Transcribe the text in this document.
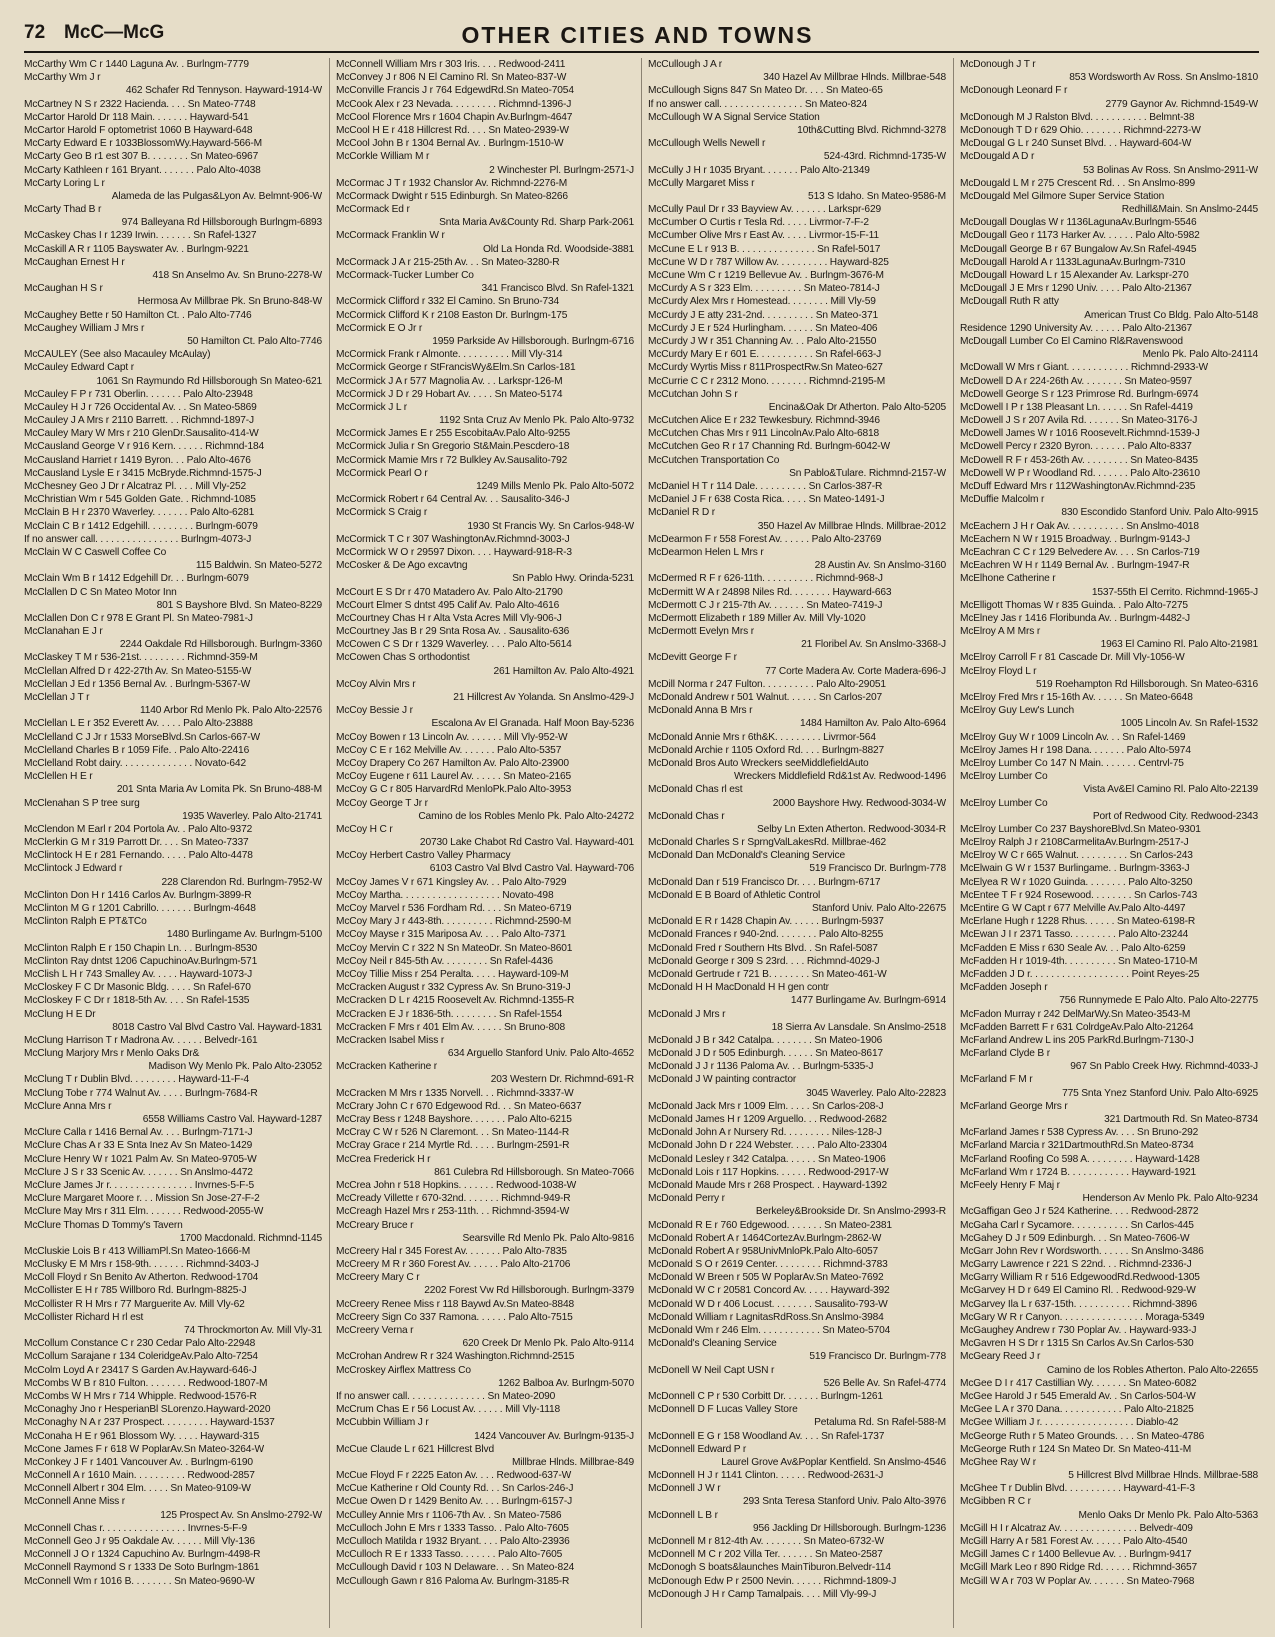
72 McC—McG	OTHER CITIES AND TOWNS
McCarthy Wm C r 1440 Laguna Av. . Burlngm-7779
McCarthy Wm J r
462 Schafer Rd Tennyson. Hayward-1914-W
McCartney N S r 2322 Hacienda. . . . Sn Mateo-7748
McCartor Harold Dr 118 Main. . . . . . . Hayward-541
McCartor Harold F optometrist 1060 B Hayward-648
McCarty Edward E r 1033BlossomWy.Hayward-566-M
McCarty Geo B r1 est 307 B. . . . . . . . Sn Mateo-6967
McCarty Kathleen r 161 Bryant. . . . . . . Palo Alto-4038
McCarty Loring L r
Alameda de las Pulgas&Lyon Av. Belmnt-906-W
McCarty Thad B r
974 Balleyana Rd Hillsborough Burlngm-6893
McCaskey Chas I r 1239 Irwin. . . . . . . Sn Rafel-1327
McCaskill A R r 1105 Bayswater Av. . Burlngm-9221
McCaughan Ernest H r
418 Sn Anselmo Av. Sn Bruno-2278-W
McCaughan H S r
Hermosa Av Millbrae Pk. Sn Bruno-848-W
McCaughey Bette r 50 Hamilton Ct. . Palo Alto-7746
McCaughey William J Mrs r
50 Hamilton Ct. Palo Alto-7746
McCAULEY (See also Macauley McAulay)
McCauley Edward Capt r
1061 Sn Raymundo Rd Hillsborough Sn Mateo-621
McCauley F P r 731 Oberlin. . . . . . . Palo Alto-23948
McCauley H J r 726 Occidental Av. . . Sn Mateo-5869
McCauley J A Mrs r 2110 Barrett. . . Richmnd-1897-J
McCauley Mary W Mrs r 210 GlenDr.Sausalito-414-W
McCausland George V r 916 Kern. . . . . . Richmnd-184
McCausland Harriet r 1419 Byron. . . Palo Alto-4676
McCausland Lysle E r 3415 McBryde.Richmnd-1575-J
McChesney Geo J Dr r Alcatraz Pl. . . . Mill Vly-252
McChristian Wm r 545 Golden Gate. . Richmnd-1085
McClain B H r 2370 Waverley. . . . . . . Palo Alto-6281
McClain C B r 1412 Edgehill. . . . . . . . . Burlngm-6079
If no answer call. . . . . . . . . . . . . . . . Burlngm-4073-J
McClain W C Caswell Coffee Co
115 Baldwin. Sn Mateo-5272
McClain Wm B r 1412 Edgehill Dr. . . Burlngm-6079
McClallen D C Sn Mateo Motor Inn
801 S Bayshore Blvd. Sn Mateo-8229
McClallen Don C r 978 E Grant Pl. Sn Mateo-7981-J
McClanahan E J r
2244 Oakdale Rd Hillsborough. Burlngm-3360
McClaskey T M r 536-21st. . . . . . . . . Richmnd-359-M
McClellan Alfred D r 422-27th Av. Sn Mateo-5155-W
McClellan J Ed r 1356 Bernal Av. . Burlngm-5367-W
McClellan J T r
1140 Arbor Rd Menlo Pk. Palo Alto-22576
McClellan L E r 352 Everett Av. . . . . Palo Alto-23888
McClelland C J Jr r 1533 MorseBlvd.Sn Carlos-667-W
McClelland Charles B r 1059 Fife. . Palo Alto-22416
McClelland Robt dairy. . . . . . . . . . . . . . Novato-642
McClellen H E r
201 Snta Maria Av Lomita Pk. Sn Bruno-488-M
McClenahan S P tree surg
1935 Waverley. Palo Alto-21741
McClendon M Earl r 204 Portola Av. . Palo Alto-9372
McClerkin G M r 319 Parrott Dr. . . . Sn Mateo-7337
McClintock H E r 281 Fernando. . . . . Palo Alto-4478
McClintock J Edward r
228 Clarendon Rd. Burlngm-7952-W
McClinton Don H r 1416 Carlos Av. Burlngm-3899-R
McClinton M G r 1201 Cabrillo. . . . . . . Burlngm-4648
McClinton Ralph E PT&TCo
1480 Burlingame Av. Burlngm-5100
McClinton Ralph E r 150 Chapin Ln. . . Burlngm-8530
McClinton Ray dntst 1206 CapuchinoAv.Burlngm-571
McClish L H r 743 Smalley Av. . . . . Hayward-1073-J
McCloskey F C Dr Masonic Bldg. . . . . Sn Rafel-670
McCloskey F C Dr r 1818-5th Av. . . . Sn Rafel-1535
McClung H E Dr
8018 Castro Val Blvd Castro Val. Hayward-1831
McClung Harrison T r Madrona Av. . . . . . Belvedr-161
McClung Marjory Mrs r Menlo Oaks Dr&
Madison Wy Menlo Pk. Palo Alto-23052
McClung T r Dublin Blvd. . . . . . . . . Hayward-11-F-4
McClung Tobe r 774 Walnut Av. . . . . Burlngm-7684-R
McClure Anna Mrs r
6558 Williams Castro Val. Hayward-1287
McClure Calla r 1416 Bernal Av. . . . Burlngm-7171-J
McClure Chas A r 33 E Snta Inez Av Sn Mateo-1429
McClure Henry W r 1021 Palm Av. Sn Mateo-9705-W
McClure J S r 33 Scenic Av. . . . . . . Sn Anslmo-4472
McClure James Jr r. . . . . . . . . . . . . . . . Invrnes-5-F-5
McClure Margaret Moore r. . . Mission Sn Jose-27-F-2
McClure May Mrs r 311 Elm. . . . . . . Redwood-2055-W
McClure Thomas D Tommy's Tavern
1700 Macdonald. Richmnd-1145
McCluskie Lois B r 413 WilliamPl.Sn Mateo-1666-M
McClusky E M Mrs r 158-9th. . . . . . . Richmnd-3403-J
McColl Floyd r Sn Benito Av Atherton. Redwood-1704
McCollister E H r 785 Willboro Rd. Burlngm-8825-J
McCollister R H Mrs r 77 Marguerite Av. Mill Vly-62
McCollister Richard H rl est
74 Throckmorton Av. Mill Vly-31
McCollum Constance C r 230 Cedar Palo Alto-22948
McCollum Sarajane r 134 ColeridgeAv.Palo Alto-7254
McColm Loyd A r 23417 S Garden Av.Hayward-646-J
McCombs W B r 810 Fulton. . . . . . . . Redwood-1807-M
McCombs W H Mrs r 714 Whipple. Redwood-1576-R
McConaghy Jno r HesperianBl SLorenzo.Hayward-2020
McConaghy N A r 237 Prospect. . . . . . . . . Hayward-1537
McConaha H E r 961 Blossom Wy. . . . . Hayward-315
McCone James F r 618 W PoplarAv.Sn Mateo-3264-W
McConkey J F r 1401 Vancouver Av. . Burlngm-6190
McConnell A r 1610 Main. . . . . . . . . . Redwood-2857
McConnell Albert r 304 Elm. . . . . Sn Mateo-9109-W
McConnell Anne Miss r
125 Prospect Av. Sn Anslmo-2792-W
McConnell Chas r. . . . . . . . . . . . . . . . Invrnes-5-F-9
McConnell Geo J r 95 Oakdale Av. . . . . . Mill Vly-136
McConnell J O r 1324 Capuchino Av. Burlngm-4498-R
McConnell Raymond S r 1333 De Soto Burlngm-1861
McConnell Wm r 1016 B. . . . . . . . Sn Mateo-9690-W
McConnell William Mrs r 303 Iris. . . . Redwood-2411
McConvey J r 806 N El Camino Rl. Sn Mateo-837-W
McConville Francis J r 764 EdgewdRd.Sn Mateo-7054
McCook Alex r 23 Nevada. . . . . . . . . Richmnd-1396-J
McCool Florence Mrs r 1604 Chapin Av.Burlngm-4647
McCool H E r 418 Hillcrest Rd. . . . Sn Mateo-2939-W
McCool John B r 1304 Bernal Av. . Burlngm-1510-W
McCorkle William M r
2 Winchester Pl. Burlngm-2571-J
McCormac J T r 1932 Chanslor Av. Richmnd-2276-M
McCormack Dwight r 515 Edinburgh. Sn Mateo-8266
McCormack Ed r
Snta Maria Av&County Rd. Sharp Park-2061
McCormack Franklin W r
Old La Honda Rd. Woodside-3881
McCormack J A r 215-25th Av. . . Sn Mateo-3280-R
McCormack-Tucker Lumber Co
341 Francisco Blvd. Sn Rafel-1321
McCormick Clifford r 332 El Camino. Sn Bruno-734
McCormick Clifford K r 2108 Easton Dr. Burlngm-175
McCormick E O Jr r
1959 Parkside Av Hillsborough. Burlngm-6716
McCormick Frank r Almonte. . . . . . . . . . Mill Vly-314
McCormick George r StFrancisWy&Elm.Sn Carlos-181
McCormick J A r 577 Magnolia Av. . . Larkspr-126-M
McCormick J D r 29 Hobart Av. . . . . Sn Mateo-5174
McCormick J L r
1192 Snta Cruz Av Menlo Pk. Palo Alto-9732
McCormick James E r 255 EscobitaAv.Palo Alto-9255
McCormick Julia r Sn Gregorio St&Main.Pescdero-18
McCormick Mamie Mrs r 72 Bulkley Av.Sausalito-792
McCormick Pearl O r
1249 Mills Menlo Pk. Palo Alto-5072
McCormick Robert r 64 Central Av. . . Sausalito-346-J
McCormick S Craig r
1930 St Francis Wy. Sn Carlos-948-W
McCormick T C r 307 WashingtonAv.Richmnd-3003-J
McCormick W O r 29597 Dixon. . . . Hayward-918-R-3
McCosker & De Ago excavtng
Sn Pablo Hwy. Orinda-5231
McCourt E S Dr r 470 Matadero Av. Palo Alto-21790
McCourt Elmer S dntst 495 Calif Av. Palo Alto-4616
McCourtney Chas H r Alta Vsta Acres Mill Vly-906-J
McCourtney Jas B r 29 Snta Rosa Av. . Sausalito-636
McCowen C S Dr r 1329 Waverley. . . . Palo Alto-5614
McCowen Chas S orthodontist
261 Hamilton Av. Palo Alto-4921
McCoy Alvin Mrs r
21 Hillcrest Av Yolanda. Sn Anslmo-429-J
McCoy Bessie J r
Escalona Av El Granada. Half Moon Bay-5236
McCoy Bowen r 13 Lincoln Av. . . . . . . Mill Vly-952-W
McCoy C E r 162 Melville Av. . . . . . . Palo Alto-5357
McCoy Drapery Co 267 Hamilton Av. Palo Alto-23900
McCoy Eugene r 611 Laurel Av. . . . . . Sn Mateo-2165
McCoy G C r 805 HarvardRd MenloPk.Palo Alto-3953
McCoy George T Jr r
Camino de los Robles Menlo Pk. Palo Alto-24272
McCoy H C r
20730 Lake Chabot Rd Castro Val. Hayward-401
McCoy Herbert Castro Valley Pharmacy
6103 Castro Val Blvd Castro Val. Hayward-706
McCoy James V r 671 Kingsley Av. . . Palo Alto-7929
McCoy Martha. . . . . . . . . . . . . . . . . . . Novato-498
McCoy Marvel r 536 Fordham Rd. . . . Sn Mateo-6719
McCoy Mary J r 443-8th. . . . . . . . . . Richmnd-2590-M
McCoy Mayse r 315 Mariposa Av. . . . Palo Alto-7371
McCoy Mervin C r 322 N Sn MateoDr. Sn Mateo-8601
McCoy Neil r 845-5th Av. . . . . . . . . Sn Rafel-4436
McCoy Tillie Miss r 254 Peralta. . . . . Hayward-109-M
McCracken August r 332 Cypress Av. Sn Bruno-319-J
McCracken D L r 4215 Roosevelt Av. Richmnd-1355-R
McCracken E J r 1836-5th. . . . . . . . . Sn Rafel-1554
McCracken F Mrs r 401 Elm Av. . . . . . Sn Bruno-808
McCracken Isabel Miss r
634 Arguello Stanford Univ. Palo Alto-4652
McCracken Katherine r
203 Western Dr. Richmnd-691-R
McCracken M Mrs r 1335 Norvell. . . Richmnd-3337-W
McCrary John C r 670 Edgewood Rd. . . Sn Mateo-6637
McCray Bess r 1248 Bayshore. . . . . . . Palo Alto-6215
McCray C W r 526 N Claremont. . . Sn Mateo-1144-R
McCray Grace r 214 Myrtle Rd. . . . . Burlngm-2591-R
McCrea Frederick H r
861 Culebra Rd Hillsborough. Sn Mateo-7066
McCrea John r 518 Hopkins. . . . . . . Redwood-1038-W
McCready Villette r 670-32nd. . . . . . . Richmnd-949-R
McCreagh Hazel Mrs r 253-11th. . . Richmnd-3594-W
McCreary Bruce r
Searsville Rd Menlo Pk. Palo Alto-9816
McCreery Hal r 345 Forest Av. . . . . . . Palo Alto-7835
McCreery M R r 360 Forest Av. . . . . . Palo Alto-21706
McCreery Mary C r
2202 Forest Vw Rd Hillsborough. Burlngm-3379
McCreery Renee Miss r 118 Baywd Av.Sn Mateo-8848
McCreery Sign Co 337 Ramona. . . . . . Palo Alto-7515
McCreery Verna r
620 Creek Dr Menlo Pk. Palo Alto-9114
McCrohan Andrew R r 324 Washington.Richmnd-2515
McCroskey Airflex Mattress Co
1262 Balboa Av. Burlngm-5070
If no answer call. . . . . . . . . . . . . . . Sn Mateo-2090
McCrum Chas E r 56 Locust Av. . . . . . Mill Vly-1118
McCubbin William J r
1424 Vancouver Av. Burlngm-9135-J
McCue Claude L r 621 Hillcrest Blvd
Millbrae Hlnds. Millbrae-849
McCue Floyd F r 2225 Eaton Av. . . . Redwood-637-W
McCue Katherine r Old County Rd. . . Sn Carlos-246-J
McCue Owen D r 1429 Benito Av. . . . Burlngm-6157-J
McCulley Annie Mrs r 1106-7th Av. . Sn Mateo-7586
McCulloch John E Mrs r 1333 Tasso. . Palo Alto-7605
McCulloch Matilda r 1932 Bryant. . . . Palo Alto-23936
McCulloch R E r 1333 Tasso. . . . . . . Palo Alto-7605
McCullough David r 103 N Delaware. . . Sn Mateo-824
McCullough Gawn r 816 Paloma Av. Burlngm-3185-R
McCullough J A r
340 Hazel Av Millbrae Hlnds. Millbrae-548
McCullough Signs 847 Sn Mateo Dr. . . . Sn Mateo-65
If no answer call. . . . . . . . . . . . . . . . Sn Mateo-824
McCullough W A Signal Service Station
10th&Cutting Blvd. Richmnd-3278
McCullough Wells Newell r
524-43rd. Richmnd-1735-W
McCully J H r 1035 Bryant. . . . . . . Palo Alto-21349
McCully Margaret Miss r
513 S Idaho. Sn Mateo-9586-M
McCully Paul Dr r 33 Bayview Av. . . . . . . Larkspr-629
McCumber O Curtis r Tesla Rd. . . . . Livrmor-7-F-2
McCumber Olive Mrs r East Av. . . . . Livrmor-15-F-11
McCune E L r 913 B. . . . . . . . . . . . . . . Sn Rafel-5017
McCune W D r 787 Willow Av. . . . . . . . . . Hayward-825
McCune Wm C r 1219 Bellevue Av. . Burlngm-3676-M
McCurdy A S r 323 Elm. . . . . . . . . . Sn Mateo-7814-J
McCurdy Alex Mrs r Homestead. . . . . . . . Mill Vly-59
McCurdy J E atty 231-2nd. . . . . . . . . . Sn Mateo-371
McCurdy J E r 524 Hurlingham. . . . . . Sn Mateo-406
McCurdy J W r 351 Channing Av. . . Palo Alto-21550
McCurdy Mary E r 601 E. . . . . . . . . . . Sn Rafel-663-J
McCurdy Wyrtis Miss r 811ProspectRw.Sn Mateo-627
McCurrie C C r 2312 Mono. . . . . . . . Richmnd-2195-M
McCutchan John S r
Encina&Oak Dr Atherton. Palo Alto-5205
McCutchen Alice E r 232 Tewkesbury. Richmnd-3946
McCutchen Chas Mrs r 911 LincolnAv.Palo Alto-6818
McCutchen Geo R r 17 Channing Rd. Burlngm-6042-W
McCutchen Transportation Co
Sn Pablo&Tulare. Richmnd-2157-W
McDaniel H T r 114 Dale. . . . . . . . . . Sn Carlos-387-R
McDaniel J F r 638 Costa Rica. . . . . Sn Mateo-1491-J
McDaniel R D r
350 Hazel Av Millbrae Hlnds. Millbrae-2012
McDearmon F r 558 Forest Av. . . . . . Palo Alto-23769
McDearmon Helen L Mrs r
28 Austin Av. Sn Anslmo-3160
McDermed R F r 626-11th. . . . . . . . . . Richmnd-968-J
McDermitt W A r 24898 Niles Rd. . . . . . . . Hayward-663
McDermott C J r 215-7th Av. . . . . . . Sn Mateo-7419-J
McDermott Elizabeth r 189 Miller Av. Mill Vly-1020
McDermott Evelyn Mrs r
21 Floribel Av. Sn Anslmo-3368-J
McDevitt George F r
77 Corte Madera Av. Corte Madera-696-J
McDill Norma r 247 Fulton. . . . . . . . . . Palo Alto-29051
McDonald Andrew r 501 Walnut. . . . . . Sn Carlos-207
McDonald Anna B Mrs r
1484 Hamilton Av. Palo Alto-6964
McDonald Annie Mrs r 6th&K. . . . . . . . . Livrmor-564
McDonald Archie r 1105 Oxford Rd. . . . Burlngm-8827
McDonald Bros Auto Wreckers seeMiddlefieldAuto
Wreckers Middlefield Rd&1st Av. Redwood-1496
McDonald Chas rl est
2000 Bayshore Hwy. Redwood-3034-W
McDonald Chas r
Selby Ln Exten Atherton. Redwood-3034-R
McDonald Charles S r SprngValLakesRd. Millbrae-462
McDonald Dan McDonald's Cleaning Service
519 Francisco Dr. Burlngm-778
McDonald Dan r 519 Francisco Dr. . . . Burlngm-6717
McDonald E B Board of Athletic Control
Stanford Univ. Palo Alto-22675
McDonald E R r 1428 Chapin Av. . . . . . Burlngm-5937
McDonald Frances r 940-2nd. . . . . . . . Palo Alto-8255
McDonald Fred r Southern Hts Blvd. . Sn Rafel-5087
McDonald George r 309 S 23rd. . . . Richmnd-4029-J
McDonald Gertrude r 721 B. . . . . . . . Sn Mateo-461-W
McDonald H H MacDonald H H gen contr
1477 Burlingame Av. Burlngm-6914
McDonald J Mrs r
18 Sierra Av Lansdale. Sn Anslmo-2518
McDonald J B r 342 Catalpa. . . . . . . . Sn Mateo-1906
McDonald J D r 505 Edinburgh. . . . . . Sn Mateo-8617
McDonald J J r 1136 Paloma Av. . . Burlngm-5335-J
McDonald J W painting contractor
3045 Waverley. Palo Alto-22823
McDonald Jack Mrs r 1009 Elm. . . . . Sn Carlos-208-J
McDonald James H r 1209 Arguello. . . Redwood-2682
McDonald John A r Nursery Rd. . . . . . . . . Niles-128-J
McDonald John D r 224 Webster. . . . . Palo Alto-23304
McDonald Lesley r 342 Catalpa. . . . . . Sn Mateo-1906
McDonald Lois r 117 Hopkins. . . . . . Redwood-2917-W
McDonald Maude Mrs r 268 Prospect. . Hayward-1392
McDonald Perry r
Berkeley&Brookside Dr. Sn Anslmo-2993-R
McDonald R E r 760 Edgewood. . . . . . . Sn Mateo-2381
McDonald Robert A r 1464CortezAv.Burlngm-2862-W
McDonald Robert A r 958UnivMnloPk.Palo Alto-6057
McDonald S O r 2619 Center. . . . . . . . . Richmnd-3783
McDonald W Breen r 505 W PoplarAv.Sn Mateo-7692
McDonald W C r 20581 Concord Av. . . . . Hayward-392
McDonald W D r 406 Locust. . . . . . . . Sausalito-793-W
McDonald William r LagnitasRdRoss.Sn Anslmo-3984
McDonald Wm r 246 Elm. . . . . . . . . . . . Sn Mateo-5704
McDonald's Cleaning Service
519 Francisco Dr. Burlngm-778
McDonell W Neil Capt USN r
526 Belle Av. Sn Rafel-4774
McDonnell C P r 530 Corbitt Dr. . . . . . . Burlngm-1261
McDonnell D F Lucas Valley Store
Petaluma Rd. Sn Rafel-588-M
McDonnell E G r 158 Woodland Av. . . . Sn Rafel-1737
McDonnell Edward P r
Laurel Grove Av&Poplar Kentfield. Sn Anslmo-4546
McDonnell H J r 1141 Clinton. . . . . . Redwood-2631-J
McDonnell J W r
293 Snta Teresa Stanford Univ. Palo Alto-3976
McDonnell L B r
956 Jackling Dr Hillsborough. Burlngm-1236
McDonnell M r 812-4th Av. . . . . . . . Sn Mateo-6732-W
McDonnell M C r 202 Villa Ter. . . . . . . Sn Mateo-2587
McDonogh S boats&launches MainTiburon.Belvedr-114
McDonough Edw P r 2500 Nevin. . . . . . Richmnd-1809-J
McDonough J H r Camp Tamalpais. . . . Mill Vly-99-J
McDonough J T r
853 Wordsworth Av Ross. Sn Anslmo-1810
McDonough Leonard F r
2779 Gaynor Av. Richmnd-1549-W
McDonough M J Ralston Blvd. . . . . . . . . . . Belmnt-38
McDonough T D r 629 Ohio. . . . . . . . Richmnd-2273-W
McDougal G L r 240 Sunset Blvd. . . Hayward-604-W
McDougald A D r
53 Bolinas Av Ross. Sn Anslmo-2911-W
McDougald L M r 275 Crescent Rd. . . Sn Anslmo-899
McDougald Mel Gilmore Super Service Station
Redhill&Main. Sn Anslmo-2445
McDougall Douglas W r 1136LagunaAv.Burlngm-5546
McDougall Geo r 1173 Harker Av. . . . . . Palo Alto-5982
McDougall George B r 67 Bungalow Av.Sn Rafel-4945
McDougall Harold A r 1133LagunaAv.Burlngm-7310
McDougall Howard L r 15 Alexander Av. Larkspr-270
McDougall J E Mrs r 1290 Univ. . . . . Palo Alto-21367
McDougall Ruth R atty
American Trust Co Bldg. Palo Alto-5148
Residence 1290 University Av. . . . . . Palo Alto-21367
McDougall Lumber Co El Camino Rl&Ravenswood
Menlo Pk. Palo Alto-24114
McDowall W Mrs r Giant. . . . . . . . . . . . Richmnd-2933-W
McDowell D A r 224-26th Av. . . . . . . . Sn Mateo-9597
McDowell George S r 123 Primrose Rd. Burlngm-6974
McDowell I P r 138 Pleasant Ln. . . . . . Sn Rafel-4419
McDowell J S r 207 Avila Rd. . . . . . . Sn Mateo-3176-J
McDowell James W r 1016 Roosevelt.Richmnd-1539-J
McDowell Percy r 2320 Byron. . . . . . . Palo Alto-8337
McDowell R F r 453-26th Av. . . . . . . . . Sn Mateo-8435
McDowell W P r Woodland Rd. . . . . . . Palo Alto-23610
McDuff Edward Mrs r 112WashingtonAv.Richmnd-235
McDuffie Malcolm r
830 Escondido Stanford Univ. Palo Alto-9915
McEachern J H r Oak Av. . . . . . . . . . . Sn Anslmo-4018
McEachern N W r 1915 Broadway. . Burlngm-9143-J
McEachran C C r 129 Belvedere Av. . . . Sn Carlos-719
McEachren W H r 1149 Bernal Av. . Burlngm-1947-R
McElhone Catherine r
1537-55th El Cerrito. Richmnd-1965-J
McElligott Thomas W r 835 Guinda. . Palo Alto-7275
McElney Jas r 1416 Floribunda Av. . Burlngm-4482-J
McElroy A M Mrs r
1963 El Camino Rl. Palo Alto-21981
McElroy Carroll F r 81 Cascade Dr. Mill Vly-1056-W
McElroy Floyd L r
519 Roehampton Rd Hillsborough. Sn Mateo-6316
McElroy Fred Mrs r 15-16th Av. . . . . . Sn Mateo-6648
McElroy Guy Lew's Lunch
1005 Lincoln Av. Sn Rafel-1532
McElroy Guy W r 1009 Lincoln Av. . . Sn Rafel-1469
McElroy James H r 198 Dana. . . . . . . Palo Alto-5974
McElroy Lumber Co 147 N Main. . . . . . . Centrvl-75
McElroy Lumber Co
Vista Av&El Camino Rl. Palo Alto-22139
McElroy Lumber Co
Port of Redwood City. Redwood-2343
McElroy Lumber Co 237 BayshoreBlvd.Sn Mateo-9301
McElroy Ralph J r 2108CarmelitaAv.Burlngm-2517-J
McElroy W C r 665 Walnut. . . . . . . . . . Sn Carlos-243
McElwain G W r 1537 Burlingame. . Burlngm-3363-J
McElyea R W r 1020 Guinda. . . . . . . . Palo Alto-3250
McEntee T F r 924 Rosewood. . . . . . . . Sn Carlos-743
McEntire G W Capt r 677 Melville Av.Palo Alto-4497
McErlane Hugh r 1228 Rhus. . . . . . Sn Mateo-6198-R
McEwan J I r 2371 Tasso. . . . . . . . . Palo Alto-23244
McFadden E Miss r 630 Seale Av. . . Palo Alto-6259
McFadden H r 1019-4th. . . . . . . . . . Sn Mateo-1710-M
McFadden J D r. . . . . . . . . . . . . . . . . . . Point Reyes-25
McFadden Joseph r
756 Runnymede E Palo Alto. Palo Alto-22775
McFadon Murray r 242 DelMarWy.Sn Mateo-3543-M
McFadden Barrett F r 631 ColrdgeAv.Palo Alto-21264
McFarland Andrew L ins 205 ParkRd.Burlngm-7130-J
McFarland Clyde B r
967 Sn Pablo Creek Hwy. Richmnd-4033-J
McFarland F M r
775 Snta Ynez Stanford Univ. Palo Alto-6925
McFarland George Mrs r
321 Dartmouth Rd. Sn Mateo-8734
McFarland James r 538 Cypress Av. . . . Sn Bruno-292
McFarland Marcia r 321DartmouthRd.Sn Mateo-8734
McFarland Roofing Co 598 A. . . . . . . . . Hayward-1428
McFarland Wm r 1724 B. . . . . . . . . . . . Hayward-1921
McFeely Henry F Maj r
Henderson Av Menlo Pk. Palo Alto-9234
McGaffigan Geo J r 524 Katherine. . . . Redwood-2872
McGaha Carl r Sycamore. . . . . . . . . . . Sn Carlos-445
McGahey D J r 509 Edinburgh. . . Sn Mateo-7606-W
McGarr John Rev r Wordsworth. . . . . . Sn Anslmo-3486
McGarry Lawrence r 221 S 22nd. . . Richmnd-2336-J
McGarry William R r 516 EdgewoodRd.Redwood-1305
McGarvey H D r 649 El Camino Rl. . Redwood-929-W
McGarvey Ila L r 637-15th. . . . . . . . . . . Richmnd-3896
McGary W R r Canyon. . . . . . . . . . . . . . . . Moraga-5349
McGaughey Andrew r 730 Poplar Av. . Hayward-933-J
McGavren H S Dr r 1315 Sn Carlos Av.Sn Carlos-530
McGeary Reed J r
Camino de los Robles Atherton. Palo Alto-22655
McGee D I r 417 Castillian Wy. . . . . . . Sn Mateo-6082
McGee Harold J r 545 Emerald Av. . Sn Carlos-504-W
McGee L A r 370 Dana. . . . . . . . . . . . Palo Alto-21825
McGee William J r. . . . . . . . . . . . . . . . . . Diablo-42
McGeorge Ruth r 5 Mateo Grounds. . . . Sn Mateo-4786
McGeorge Ruth r 124 Sn Mateo Dr. Sn Mateo-411-M
McGhee Ray W r
5 Hillcrest Blvd Millbrae Hlnds. Millbrae-588
McGhee T r Dublin Blvd. . . . . . . . . . . Hayward-41-F-3
McGibben R C r
Menlo Oaks Dr Menlo Pk. Palo Alto-5363
McGill H I r Alcatraz Av. . . . . . . . . . . . . . . Belvedr-409
McGill Harry A r 581 Forest Av. . . . . . Palo Alto-4540
McGill James C r 1400 Bellevue Av. . . Burlngm-9417
McGill Mark Leo r 890 Ridge Rd. . . . . . Richmnd-3657
McGill W A r 703 W Poplar Av. . . . . . . Sn Mateo-7968
